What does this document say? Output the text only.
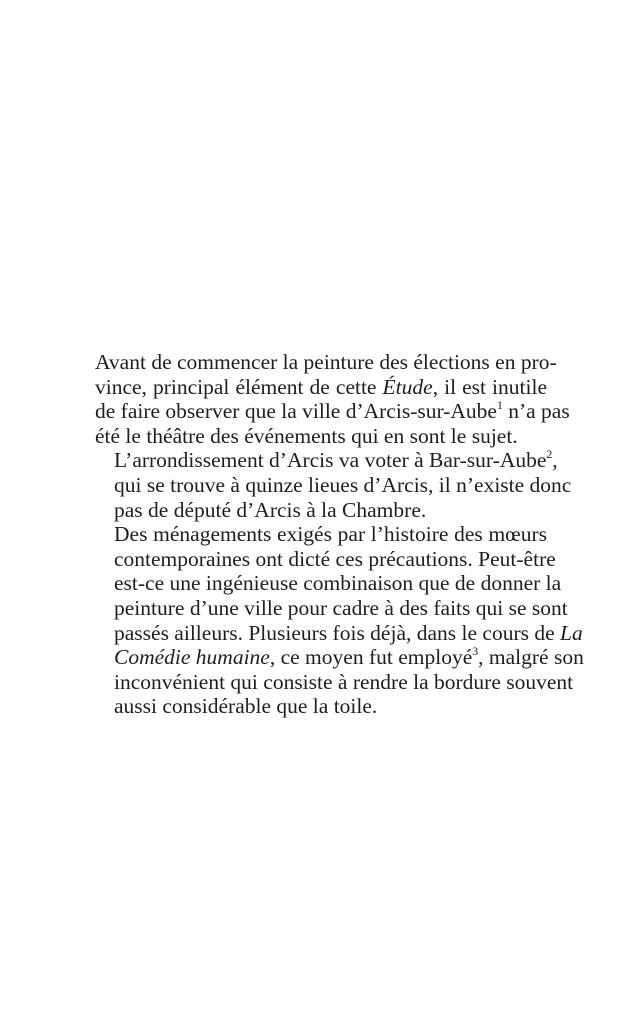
Avant de commencer la peinture des élections en pro-
vince, principal élément de cette Étude, il est inutile
de faire observer que la ville d’Arcis-sur-Aube$^1$ n’a pas
été le théâtre des événements qui en sont le sujet.

L’arrondissement d’Arcis va voter à Bar-sur-Aube$^2$,
qui se trouve à quinze lieues d’Arcis, il n’existe donc
pas de député d’Arcis à la Chambre.

Des ménagements exigés par l’histoire des mœurs
contemporaines ont dicté ces précautions. Peut-être
est-ce une ingénieuse combinaison que de donner la
peinture d’une ville pour cadre à des faits qui se sont
passés ailleurs. Plusieurs fois déjà, dans le cours de La
Comédie humaine, ce moyen fut employé$^3$, malgré son
inconvénient qui consiste à rendre la bordure souvent
aussi considérable que la toile.
